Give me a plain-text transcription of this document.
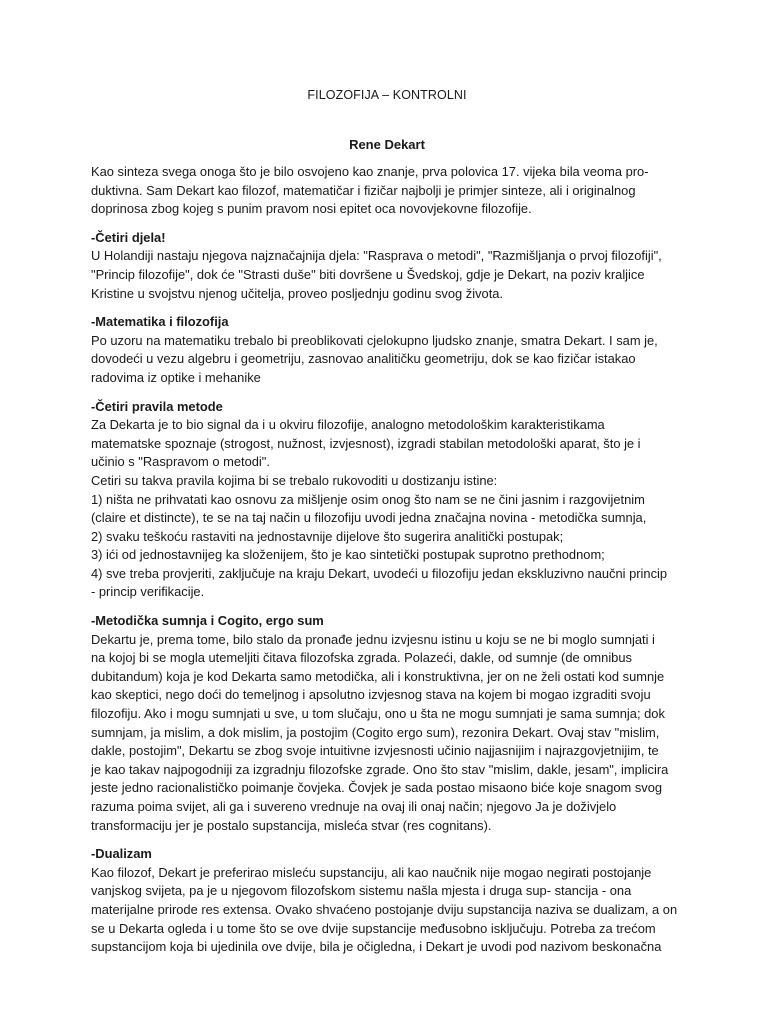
FILOZOFIJA – KONTROLNI
Rene Dekart

Kao sinteza svega onoga što je bilo osvojeno kao znanje, prva polovica 17. vijeka bila veoma pro-
duktivna. Sam Dekart kao filozof, matematičar i fizičar najbolji je primjer sinteze, ali i originalnog
doprinosa zbog kojeg s punim pravom nosi epitet oca novovjekovne filozofije.

-Četiri djela!

U Holandiji nastaju njegova najznačajnija djela: "Rasprava o metodi", "Razmišljanja o prvoj filozofiji",
"Princip filozofije", dok će "Strasti duše" biti dovršene u Švedskoj, gdje je Dekart, na poziv kraljice
Kristine u svojstvu njenog učitelja, proveo posljednju godinu svog života.

-Matematika i filozofija

Po uzoru na matematiku trebalo bi preoblikovati cjelokupno ljudsko znanje, smatra Dekart. I sam je,
dovodeći u vezu algebru i geometriju, zasnovao analitičku geometriju, dok se kao fizičar istakao
radovima iz optike i mehanike

-Četiri pravila metode

Za Dekarta je to bio signal da i u okviru filozofije, analogno metodološkim karakteristikama
matematske spoznaje (strogost, nužnost, izvjesnost), izgradi stabilan metodološki aparat, što je i
učinio s "Raspravom o metodi".
Cetiri su takva pravila kojima bi se trebalo rukovoditi u dostizanju istine:
1) ništa ne prihvatati kao osnovu za mišljenje osim onog što nam se ne čini jasnim i razgovijetnim
(claire et distincte), te se na taj način u filozofiju uvodi jedna značajna novina - metodička sumnja,
2) svaku teškoću rastaviti na jednostavnije dijelove što sugerira analitički postupak;
3) ići od jednostavnijeg ka složenijem, što je kao sintetički postupak suprotno prethodnom;
4) sve treba provjeriti, zaključuje na kraju Dekart, uvodeći u filozofiju jedan ekskluzivno naučni princip
- princip verifikacije.

-Metodička sumnja i Cogito, ergo sum

Dekartu je, prema tome, bilo stalo da pronađe jednu izvjesnu istinu u koju se ne bi moglo sumnjati i
na kojoj bi se mogla utemeljiti čitava filozofska zgrada. Polazeći, dakle, od sumnje (de omnibus
dubitandum) koja je kod Dekarta samo metodička, ali i konstruktivna, jer on ne želi ostati kod sumnje
kao skeptici, nego doći do temeljnog i apsolutno izvjesnog stava na kojem bi mogao izgraditi svoju
filozofiju. Ako i mogu sumnjati u sve, u tom slučaju, ono u šta ne mogu sumnjati je sama sumnja; dok
sumnjam, ja mislim, a dok mislim, ja postojim (Cogito ergo sum), rezonira Dekart. Ovaj stav "mislim,
dakle, postojim", Dekartu se zbog svoje intuitivne izvjesnosti učinio najjasnijim i najrazgovjetnijim, te
je kao takav najpogodniji za izgradnju filozofske zgrade. Ono što stav "mislim, dakle, jesam", implicira
jeste jedno racionalističko poimanje čovjeka. Čovjek je sada postao misaono biće koje snagom svog
razuma poima svijet, ali ga i suvereno vrednuje na ovaj ili onaj način; njegovo Ja je doživjelo
transformaciju jer je postalo supstancija, misleća stvar (res cognitans).

-Dualizam

Kao filozof, Dekart je preferirao misleću supstanciju, ali kao naučnik nije mogao negirati postojanje
vanjskog svijeta, pa je u njegovom filozofskom sistemu našla mjesta i druga sup- stancija - ona
materijalne prirode res extensa. Ovako shvaćeno postojanje dviju supstancija naziva se dualizam, a on
se u Dekarta ogleda i u tome što se ove dvije supstancije međusobno isključuju. Potreba za trećom
supstancijom koja bi ujedinila ove dvije, bila je očigledna, i Dekart je uvodi pod nazivom beskonačna
